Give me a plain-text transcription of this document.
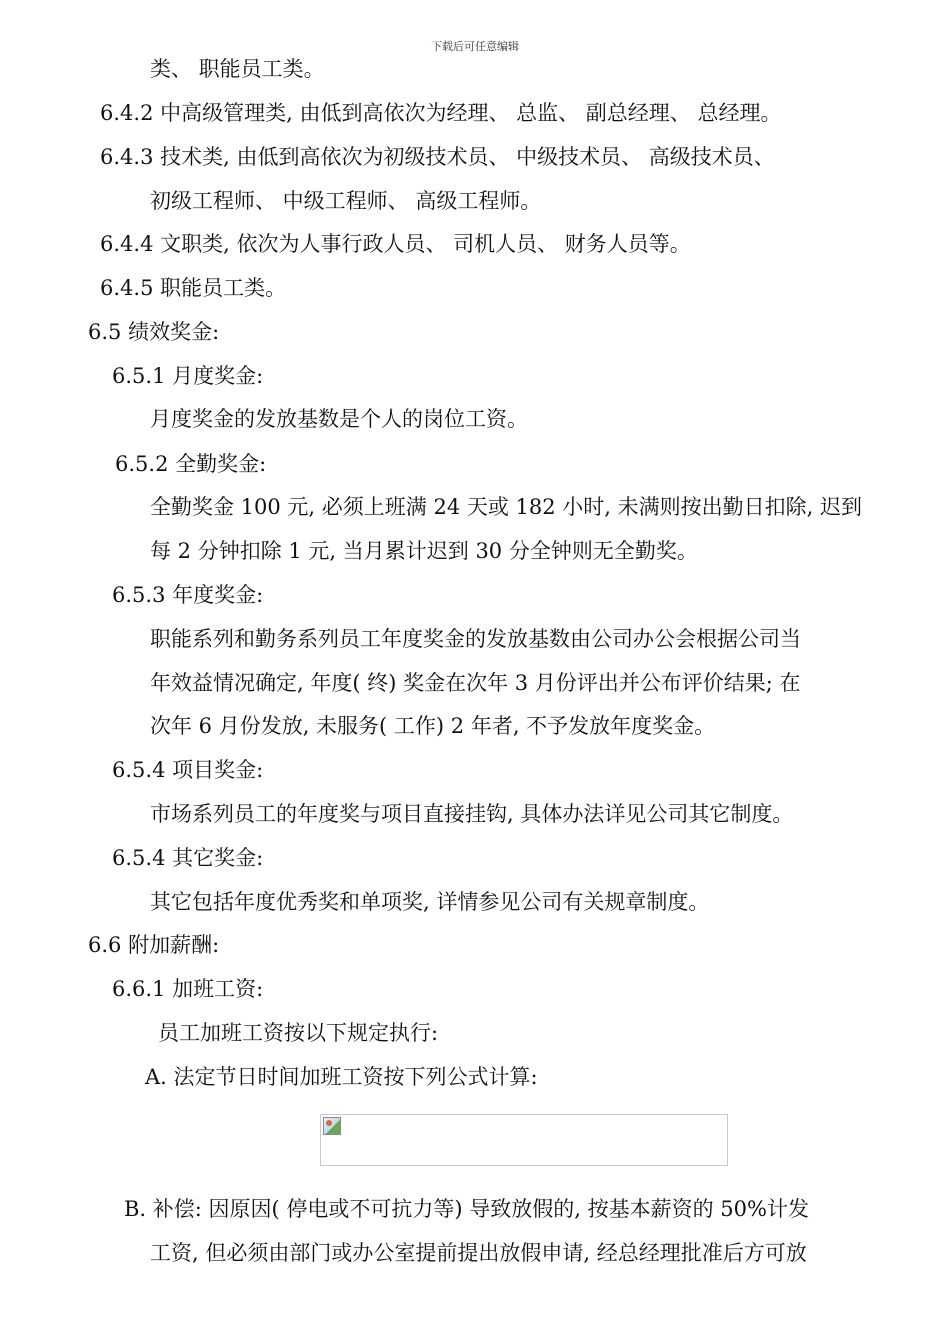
下载后可任意编辑
类、 职能员工类。
6.4.2 中高级管理类, 由低到高依次为经理、 总监、 副总经理、 总经理。
6.4.3 技术类, 由低到高依次为初级技术员、 中级技术员、 高级技术员、
初级工程师、 中级工程师、 高级工程师。
6.4.4 文职类, 依次为人事行政人员、 司机人员、 财务人员等。
6.4.5 职能员工类。
6.5 绩效奖金:
6.5.1 月度奖金:
月度奖金的发放基数是个人的岗位工资。
6.5.2 全勤奖金:
全勤奖金 100 元, 必须上班满 24 天或 182 小时, 未满则按出勤日扣除, 迟到
每 2 分钟扣除 1 元, 当月累计迟到 30 分全钟则无全勤奖。
6.5.3 年度奖金:
职能系列和勤务系列员工年度奖金的发放基数由公司办公会根据公司当
年效益情况确定, 年度( 终) 奖金在次年 3 月份评出并公布评价结果; 在
次年 6 月份发放, 未服务( 工作) 2 年者, 不予发放年度奖金。
6.5.4 项目奖金:
市场系列员工的年度奖与项目直接挂钩, 具体办法详见公司其它制度。
6.5.4 其它奖金:
其它包括年度优秀奖和单项奖, 详情参见公司有关规章制度。
6.6 附加薪酬:
6.6.1 加班工资:
员工加班工资按以下规定执行:
A. 法定节日时间加班工资按下列公式计算:
B. 补偿: 因原因( 停电或不可抗力等) 导致放假的, 按基本薪资的 50%计发
工资, 但必须由部门或办公室提前提出放假申请, 经总经理批准后方可放
